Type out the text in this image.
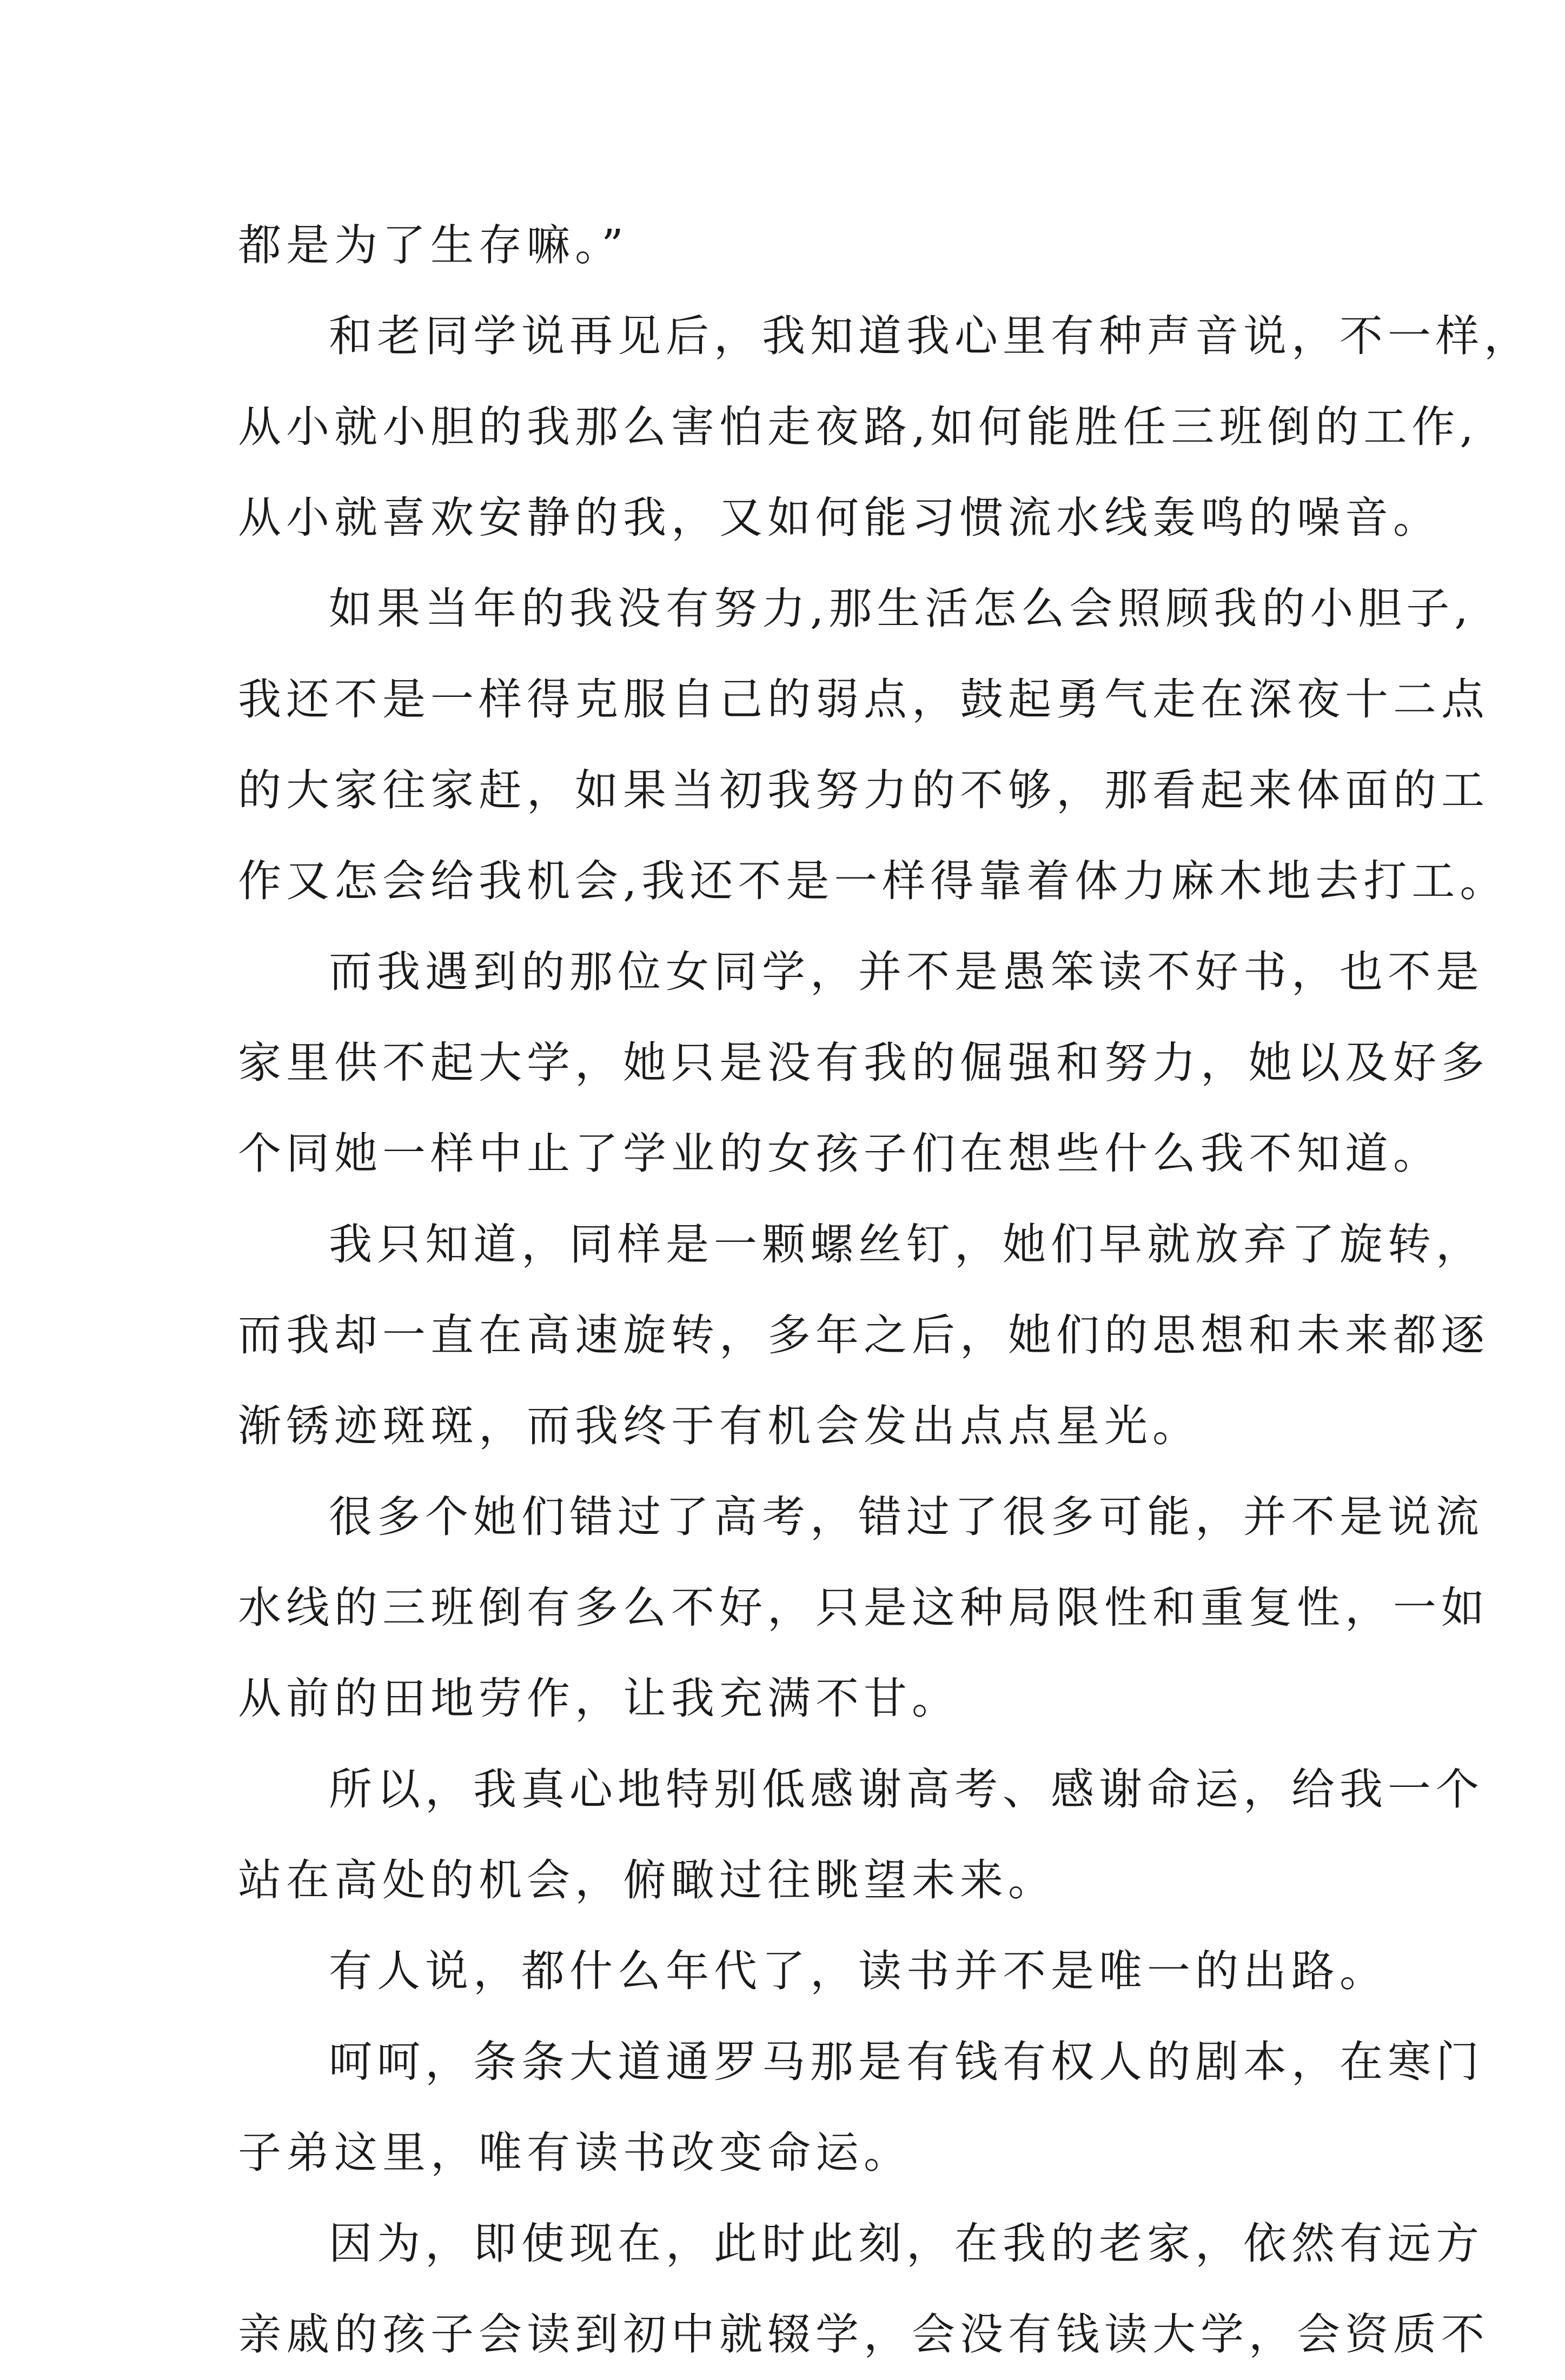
都是为了生存嘛。”
和老同学说再见后，我知道我心里有种声音说，不一样，
从小就小胆的我那么害怕走夜路,如何能胜任三班倒的工作,
从小就喜欢安静的我，又如何能习惯流水线轰鸣的噪音。
如果当年的我没有努力,那生活怎么会照顾我的小胆子,
我还不是一样得克服自己的弱点，鼓起勇气走在深夜十二点
的大家往家赶，如果当初我努力的不够，那看起来体面的工
作又怎会给我机会,我还不是一样得靠着体力麻木地去打工。
而我遇到的那位女同学，并不是愚笨读不好书，也不是
家里供不起大学，她只是没有我的倔强和努力，她以及好多
个同她一样中止了学业的女孩子们在想些什么我不知道。
我只知道，同样是一颗螺丝钉，她们早就放弃了旋转，
而我却一直在高速旋转，多年之后，她们的思想和未来都逐
渐锈迹斑斑，而我终于有机会发出点点星光。
很多个她们错过了高考，错过了很多可能，并不是说流
水线的三班倒有多么不好，只是这种局限性和重复性，一如
从前的田地劳作，让我充满不甘。
所以，我真心地特别低感谢高考、感谢命运，给我一个
站在高处的机会，俯瞰过往眺望未来。
有人说，都什么年代了，读书并不是唯一的出路。
呵呵，条条大道通罗马那是有钱有权人的剧本，在寒门
子弟这里，唯有读书改变命运。
因为，即使现在，此时此刻，在我的老家，依然有远方
亲戚的孩子会读到初中就辍学，会没有钱读大学，会资质不
